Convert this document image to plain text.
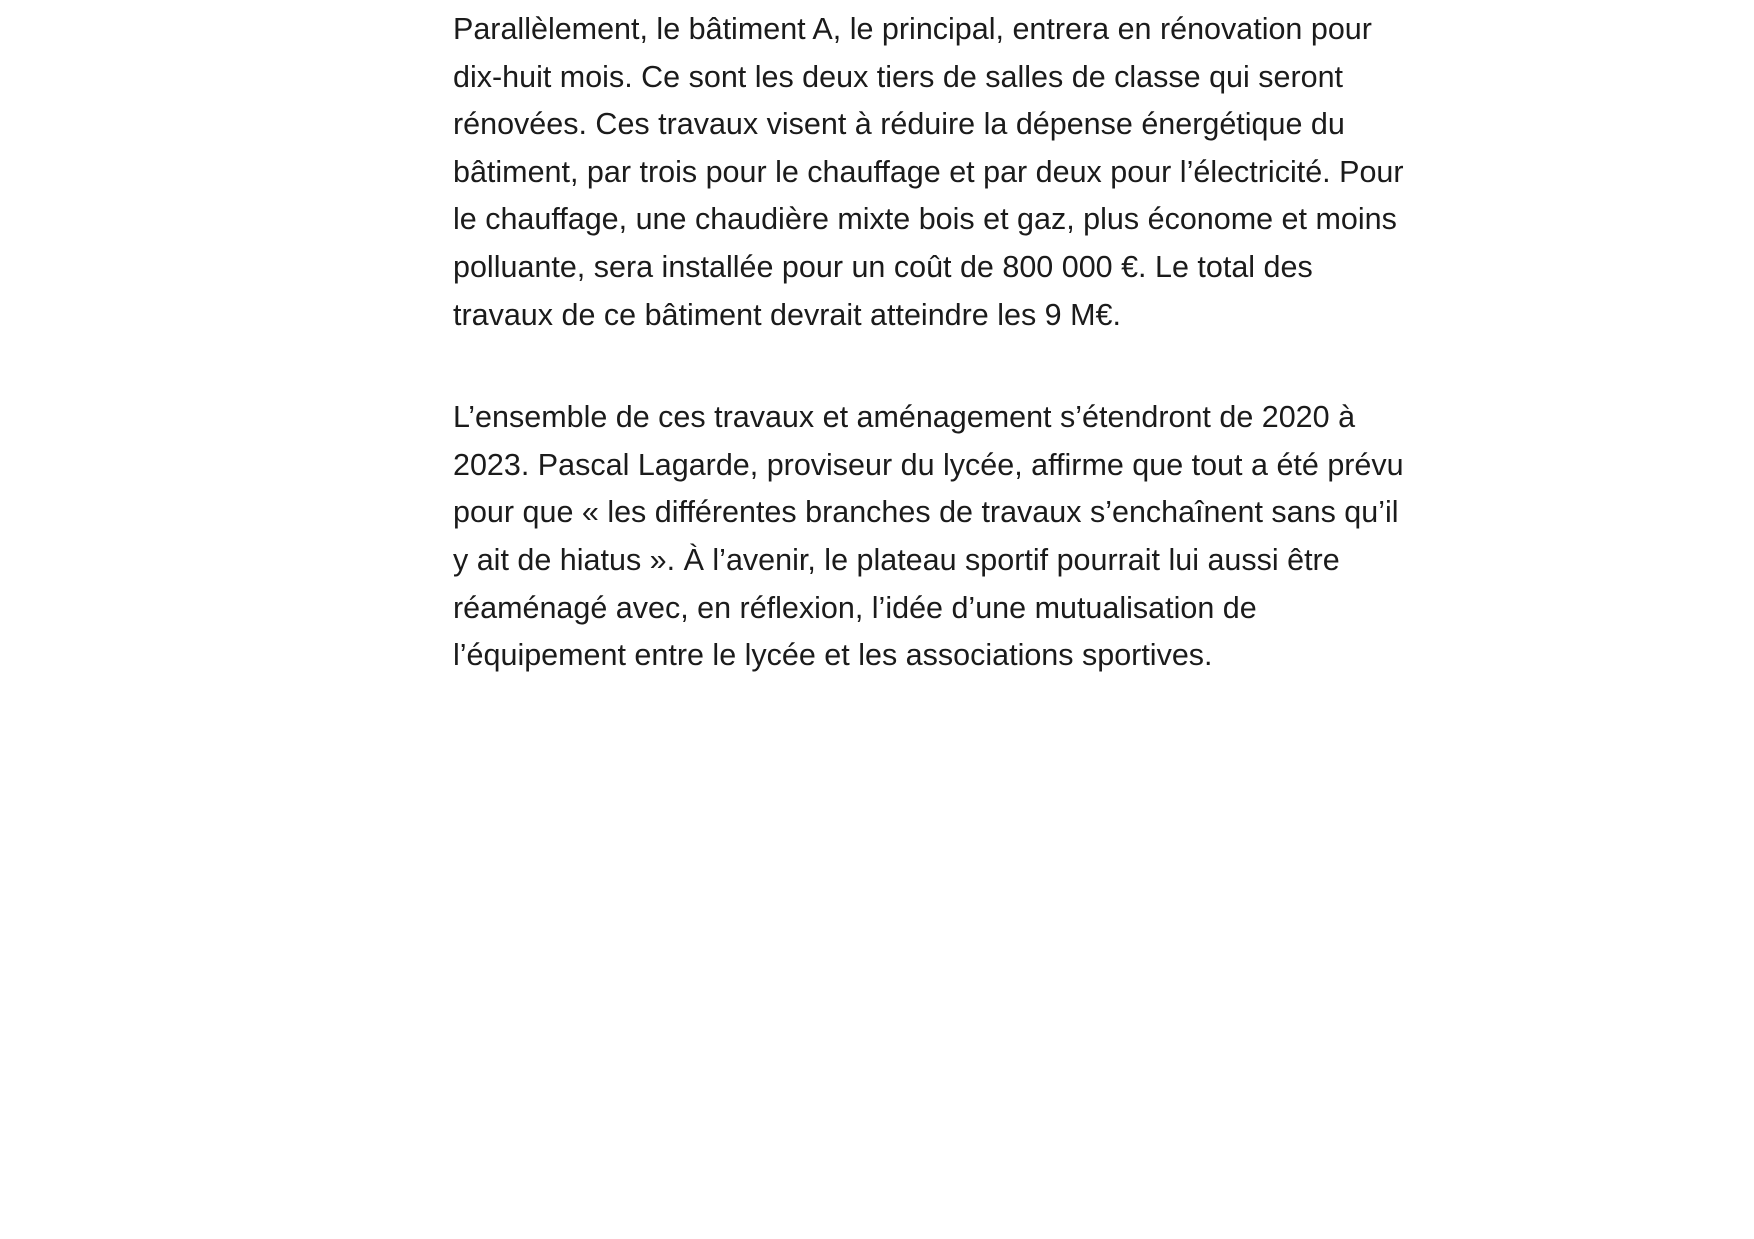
Parallèlement, le bâtiment A, le principal, entrera en rénovation pour dix-huit mois. Ce sont les deux tiers de salles de classe qui seront rénovées. Ces travaux visent à réduire la dépense énergétique du bâtiment, par trois pour le chauffage et par deux pour l’électricité. Pour le chauffage, une chaudière mixte bois et gaz, plus économe et moins polluante, sera installée pour un coût de 800 000 €. Le total des travaux de ce bâtiment devrait atteindre les 9 M€.

L’ensemble de ces travaux et aménagement s’étendront de 2020 à 2023. Pascal Lagarde, proviseur du lycée, affirme que tout a été prévu pour que « les différentes branches de travaux s’enchaînent sans qu’il y ait de hiatus ». À l’avenir, le plateau sportif pourrait lui aussi être réaménagé avec, en réflexion, l’idée d’une mutualisation de l’équipement entre le lycée et les associations sportives.
